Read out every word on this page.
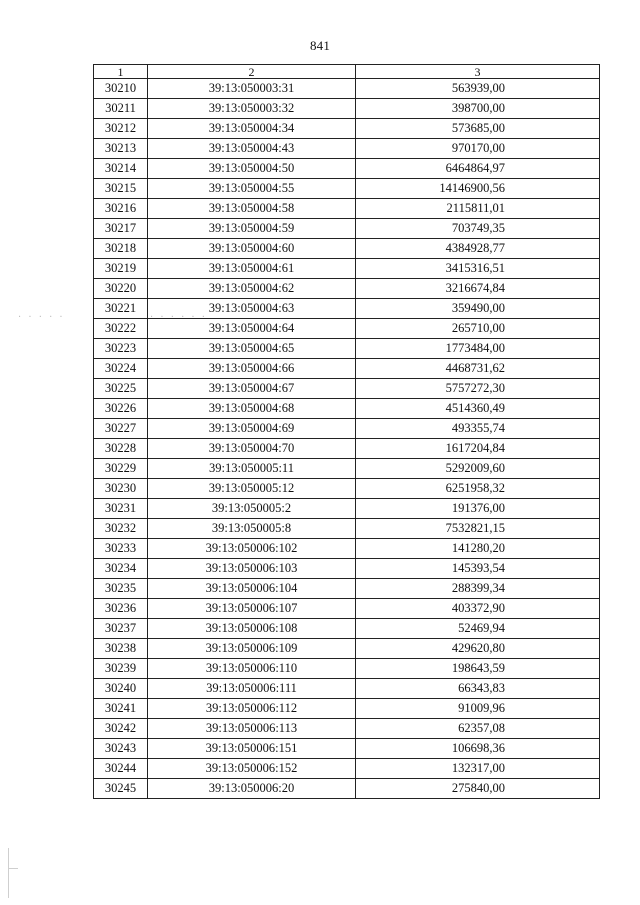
841
1	2	3
30210	39:13:050003:31	563939,00
30211	39:13:050003:32	398700,00
30212	39:13:050004:34	573685,00
30213	39:13:050004:43	970170,00
30214	39:13:050004:50	6464864,97
30215	39:13:050004:55	14146900,56
30216	39:13:050004:58	2115811,01
30217	39:13:050004:59	703749,35
30218	39:13:050004:60	4384928,77
30219	39:13:050004:61	3415316,51
30220	39:13:050004:62	3216674,84
30221	39:13:050004:63	359490,00
30222	39:13:050004:64	265710,00
30223	39:13:050004:65	1773484,00
30224	39:13:050004:66	4468731,62
30225	39:13:050004:67	5757272,30
30226	39:13:050004:68	4514360,49
30227	39:13:050004:69	493355,74
30228	39:13:050004:70	1617204,84
30229	39:13:050005:11	5292009,60
30230	39:13:050005:12	6251958,32
30231	39:13:050005:2	191376,00
30232	39:13:050005:8	7532821,15
30233	39:13:050006:102	141280,20
30234	39:13:050006:103	145393,54
30235	39:13:050006:104	288399,34
30236	39:13:050006:107	403372,90
30237	39:13:050006:108	52469,94
30238	39:13:050006:109	429620,80
30239	39:13:050006:110	198643,59
30240	39:13:050006:111	66343,83
30241	39:13:050006:112	91009,96
30242	39:13:050006:113	62357,08
30243	39:13:050006:151	106698,36
30244	39:13:050006:152	132317,00
30245	39:13:050006:20	275840,00
· · · · ·	· · · · · ·
